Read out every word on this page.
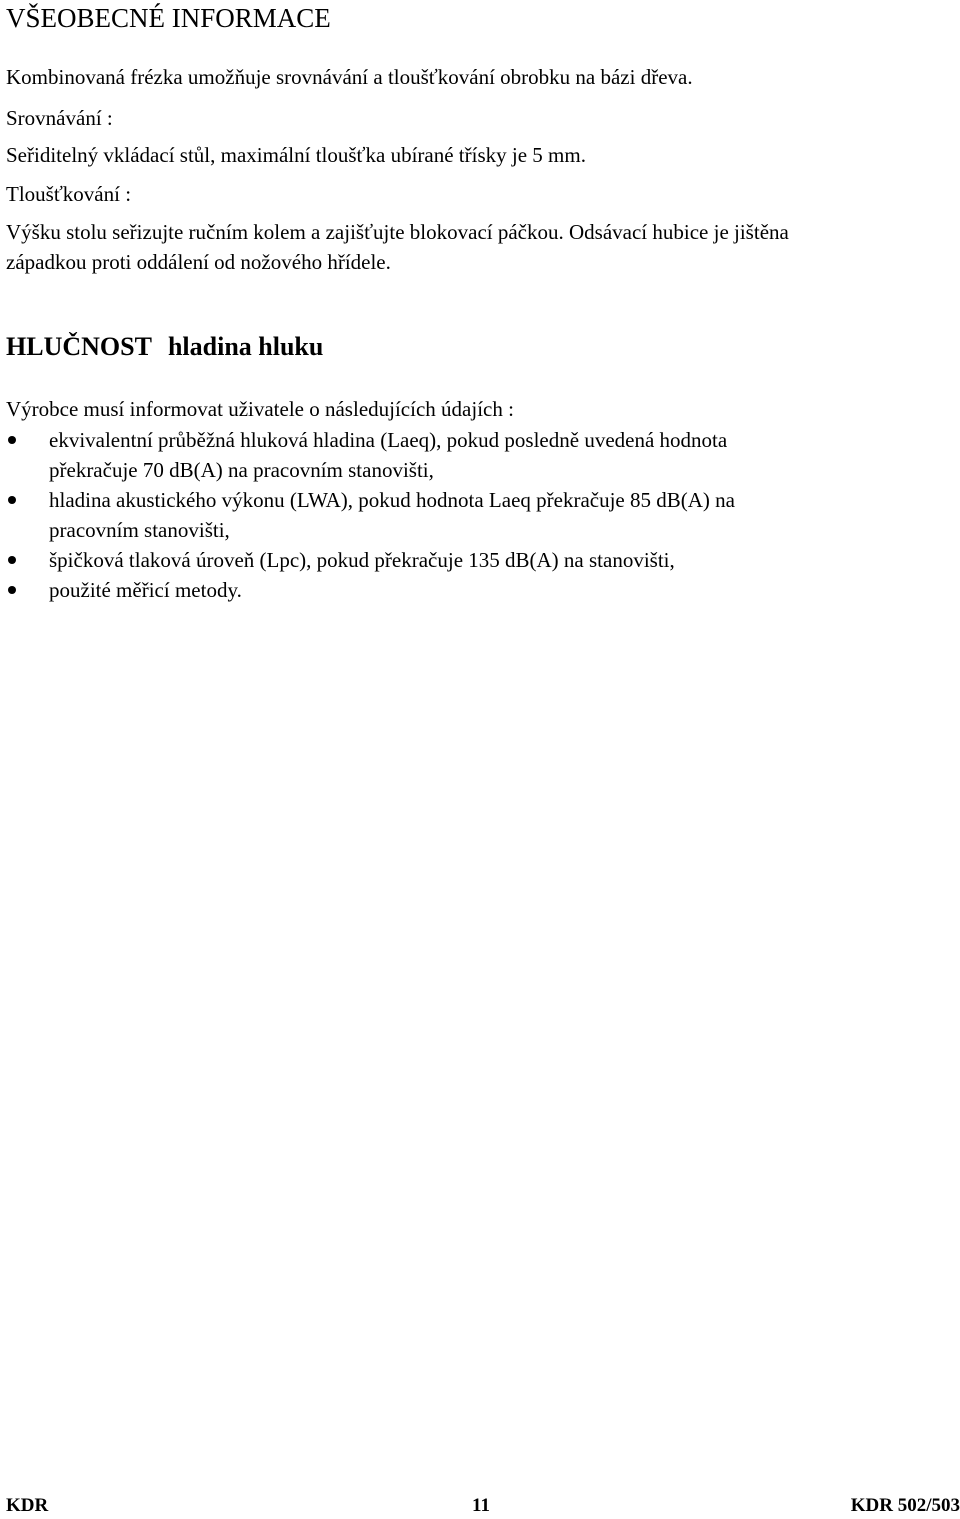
VŠEOBECNÉ INFORMACE

Kombinovaná frézka umožňuje srovnávání a tloušťkování obrobku na bázi dřeva.

Srovnávání :

Seřiditelný vkládací stůl, maximální tloušťka ubírané třísky je 5 mm.

Tloušťkování :

Výšku stolu seřizujte ručním kolem a zajišťujte blokovací páčkou. Odsávací hubice je jištěna

západkou proti oddálení od nožového hřídele.

HLUČNOST hladina hluku

Výrobce musí informovat uživatele o následujících údajích :

ekvivalentní průběžná hluková hladina (Laeq), pokud posledně uvedená hodnota
překračuje 70 dB(A) na pracovním stanovišti,
hladina akustického výkonu (LWA), pokud hodnota Laeq překračuje 85 dB(A) na
pracovním stanovišti,
špičková tlaková úroveň (Lpc), pokud překračuje 135 dB(A) na stanovišti,
použité měřicí metody.
KDR	11	KDR 502/503
